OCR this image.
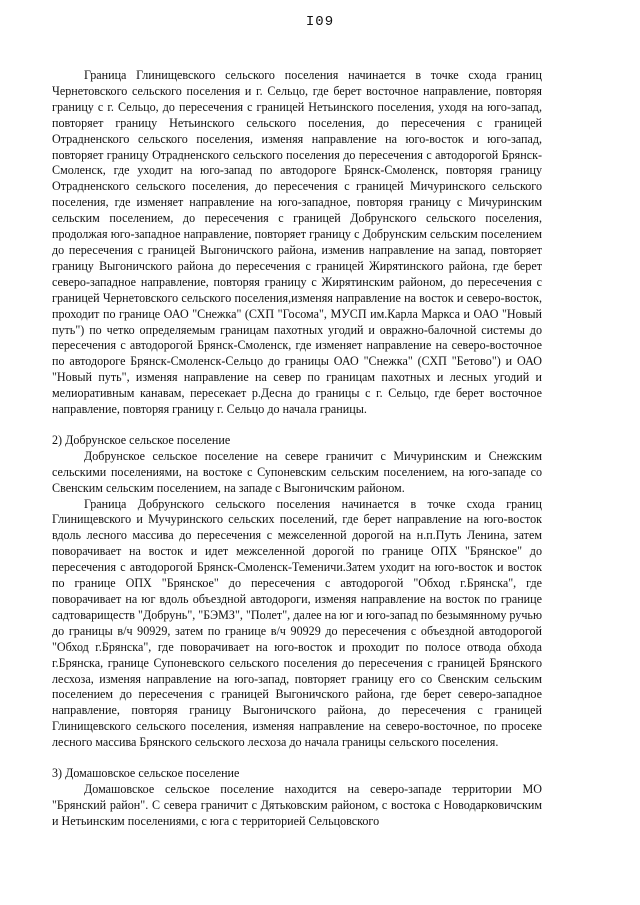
I09

Граница Глинищевского сельского поселения начинается в точке схода границ Чернетовского сельского поселения и г. Сельцо, где берет восточное направление, повторяя границу с г. Сельцо, до пересечения с границей Нетьинского поселения, уходя на юго-запад, повторяет границу Нетьинского сельского поселения, до пересечения с границей Отрадненского сельского поселения, изменяя направление на юго-восток и юго-запад, повторяет границу Отрадненского сельского поселения до пересечения с автодорогой Брянск-Смоленск, где уходит на юго-запад по автодороге Брянск-Смоленск, повторяя границу Отрадненского сельского поселения, до пересечения с границей Мичуринского сельского поселения, где изменяет направление на юго-западное, повторяя границу с Мичуринским сельским поселением, до пересечения с границей Добрунского сельского поселения, продолжая юго-западное направление, повторяет границу с Добрунским сельским поселением до пересечения с границей Выгоничского района, изменив направление на запад, повторяет границу Выгоничского района до пересечения с границей Жирятинского района, где берет северо-западное направление, повторяя границу с Жирятинским районом, до пересечения с границей Чернетовского сельского поселения,изменяя направление на восток и северо-восток, проходит по границе ОАО "Снежка" (СХП "Госома", МУСП им.Карла Маркса и ОАО "Новый путь") по четко определяемым границам пахотных угодий и овражно-балочной системы до пересечения с автодорогой Брянск-Смоленск, где изменяет направление на северо-восточное по автодороге Брянск-Смоленск-Сельцо до границы ОАО "Снежка" (СХП "Бетово") и ОАО "Новый путь", изменяя направление на север по границам пахотных и лесных угодий и мелиоративным канавам, пересекает р.Десна до границы с г. Сельцо, где берет восточное направление, повторяя границу г. Сельцо до начала границы.

2) Добрунское сельское поселение

Добрунское сельское поселение на севере граничит с Мичуринским и Снежским сельскими поселениями, на востоке с Супоневским сельским поселением, на юго-западе со Свенским сельским поселением, на западе с Выгоничским районом.

Граница Добрунского сельского поселения начинается в точке схода границ Глинищевского и Мучуринского сельских поселений, где берет направление на юго-восток вдоль лесного массива до пересечения с межселенной дорогой на н.п.Путь Ленина, затем поворачивает на восток и идет межселенной дорогой по границе ОПХ "Брянское" до пересечения с автодорогой Брянск-Смоленск-Теменичи.Затем уходит на юго-восток и восток по границе ОПХ "Брянское" до пересечения с автодорогой "Обход г.Брянска", где поворачивает на юг вдоль объездной автодороги, изменяя направление на восток по границе садтовариществ "Добрунь", "БЭМЗ", "Полет", далее на юг и юго-запад по безымянному ручью до границы в/ч 90929, затем по границе в/ч 90929 до пересечения с объездной автодорогой "Обход г.Брянска", где поворачивает на юго-восток и проходит по полосе отвода обхода г.Брянска, границе Супоневского сельского поселения до пересечения с границей Брянского лесхоза, изменяя направление на юго-запад, повторяет границу его со Свенским сельским поселением до пересечения с границей Выгоничского района, где берет северо-западное направление, повторяя границу Выгоничского района, до пересечения с границей Глинищевского сельского поселения, изменяя направление на северо-восточное, по просеке лесного массива Брянского сельского лесхоза до начала границы сельского поселения.

3) Домашовское сельское поселение

Домашовское сельское поселение находится на северо-западе территории МО "Брянский район". С севера граничит с Дятьковским районом, с востока с Новодарковичским и Нетьинским поселениями, с юга с территорией Сельцовского
